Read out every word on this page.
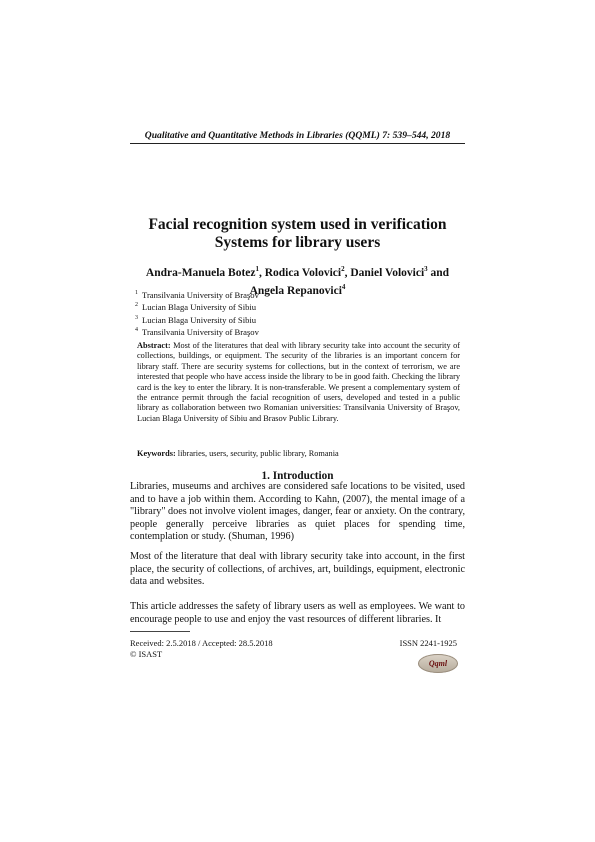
Qualitative and Quantitative Methods in Libraries (QQML) 7: 539–544, 2018
Facial recognition system used in verification
Systems for library users
Andra-Manuela Botez$^1$, Rodica Volovici$^2$, Daniel Volovici$^3$ and
Angela Repanovici$^4$
$^1$ Transilvania University of Braşov
$^2$ Lucian Blaga University of Sibiu
$^3$ Lucian Blaga University of Sibiu
$^4$ Transilvania University of Braşov
Abstract: Most of the literatures that deal with library security take into account the security of collections, buildings, or equipment. The security of the libraries is an important concern for library staff. There are security systems for collections, but in the context of terrorism, we are interested that people who have access inside the library to be in good faith. Checking the library card is the key to enter the library. It is non-transferable. We present a complementary system of the entrance permit through the facial recognition of users, developed and tested in a public library as collaboration between two Romanian universities: Transilvania University of Braşov, Lucian Blaga University of Sibiu and Brasov Public Library.
Keywords: libraries, users, security, public library, Romania
1. Introduction
Libraries, museums and archives are considered safe locations to be visited, used and to have a job within them. According to Kahn, (2007), the mental image of a "library" does not involve violent images, danger, fear or anxiety. On the contrary, people generally perceive libraries as quiet places for spending time, contemplation or study. (Shuman, 1996)
Most of the literature that deal with library security take into account, in the first place, the security of collections, of archives, art, buildings, equipment, electronic data and websites.
This article addresses the safety of library users as well as employees. We want to encourage people to use and enjoy the vast resources of different libraries. It
Received: 2.5.2018 / Accepted: 28.5.2018
© ISAST
ISSN 2241-1925
Qqml
